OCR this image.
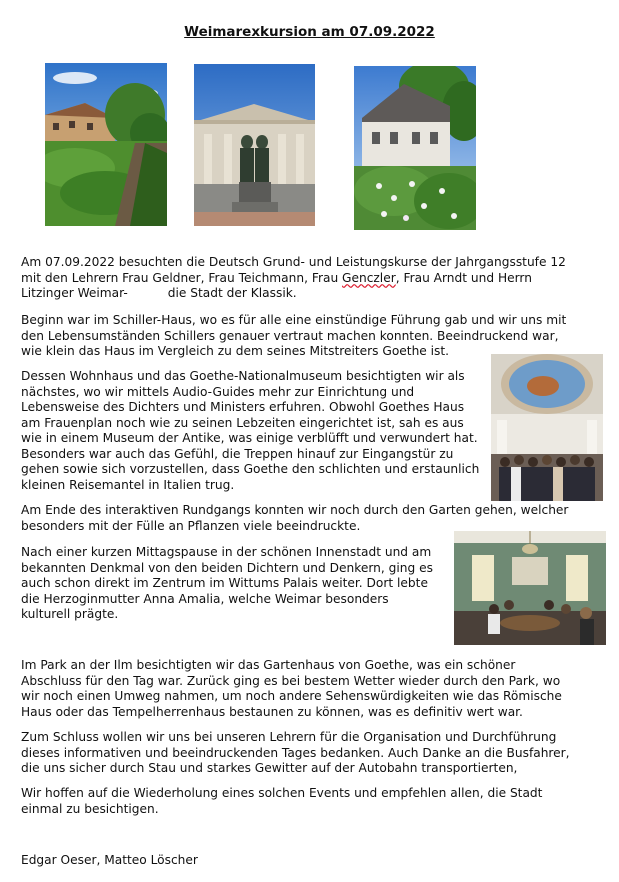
Weimarexkursion am 07.09.2022

Am 07.09.2022 besuchten die Deutsch Grund- und Leistungskurse der Jahrgangsstufe 12 mit den Lehrern Frau Geldner, Frau Teichmann, Frau Genczler, Frau Arndt und Herrn Litzinger Weimar-	die Stadt der Klassik.

Beginn war im Schiller-Haus, wo es für alle eine einstündige Führung gab und wir uns mit den Lebensumständen Schillers genauer vertraut machen konnten. Beeindruckend war, wie klein das Haus im Vergleich zu dem seines Mitstreiters Goethe ist.

Dessen Wohnhaus und das Goethe-Nationalmuseum besichtigten wir als nächstes, wo wir mittels Audio-Guides mehr zur Einrichtung und Lebensweise des Dichters und Ministers erfuhren. Obwohl Goethes Haus am Frauenplan noch wie zu seinen Lebzeiten eingerichtet ist, sah es aus wie in einem Museum der Antike, was einige verblüfft und verwundert hat. Besonders war auch das Gefühl, die Treppen hinauf zur Eingangstür zu gehen sowie sich vorzustellen, dass Goethe den schlichten und erstaunlich kleinen Reisemantel in Italien trug.

Am Ende des interaktiven Rundgangs konnten wir noch durch den Garten gehen, welcher besonders mit der Fülle an Pflanzen viele beeindruckte.

Nach einer kurzen Mittagspause in der schönen Innenstadt und am bekannten Denkmal von den beiden Dichtern und Denkern, ging es auch schon direkt im Zentrum im Wittums Palais weiter. Dort lebte die Herzoginmutter Anna Amalia, welche Weimar besonders kulturell prägte.

Im Park an der Ilm besichtigten wir das Gartenhaus von Goethe, was ein schöner Abschluss für den Tag war. Zurück ging es bei bestem Wetter wieder durch den Park, wo wir noch einen Umweg nahmen, um noch andere Sehenswürdigkeiten wie das Römische Haus oder das Tempelherrenhaus bestaunen zu können, was es definitiv wert war.

Zum Schluss wollen wir uns bei unseren Lehrern für die Organisation und Durchführung dieses informativen und beeindruckenden Tages bedanken. Auch Danke an die Busfahrer, die uns sicher durch Stau und starkes Gewitter auf der Autobahn transportierten,

Wir hoffen auf die Wiederholung eines solchen Events und empfehlen allen, die Stadt einmal zu besichtigen.

Edgar Oeser, Matteo Löscher
